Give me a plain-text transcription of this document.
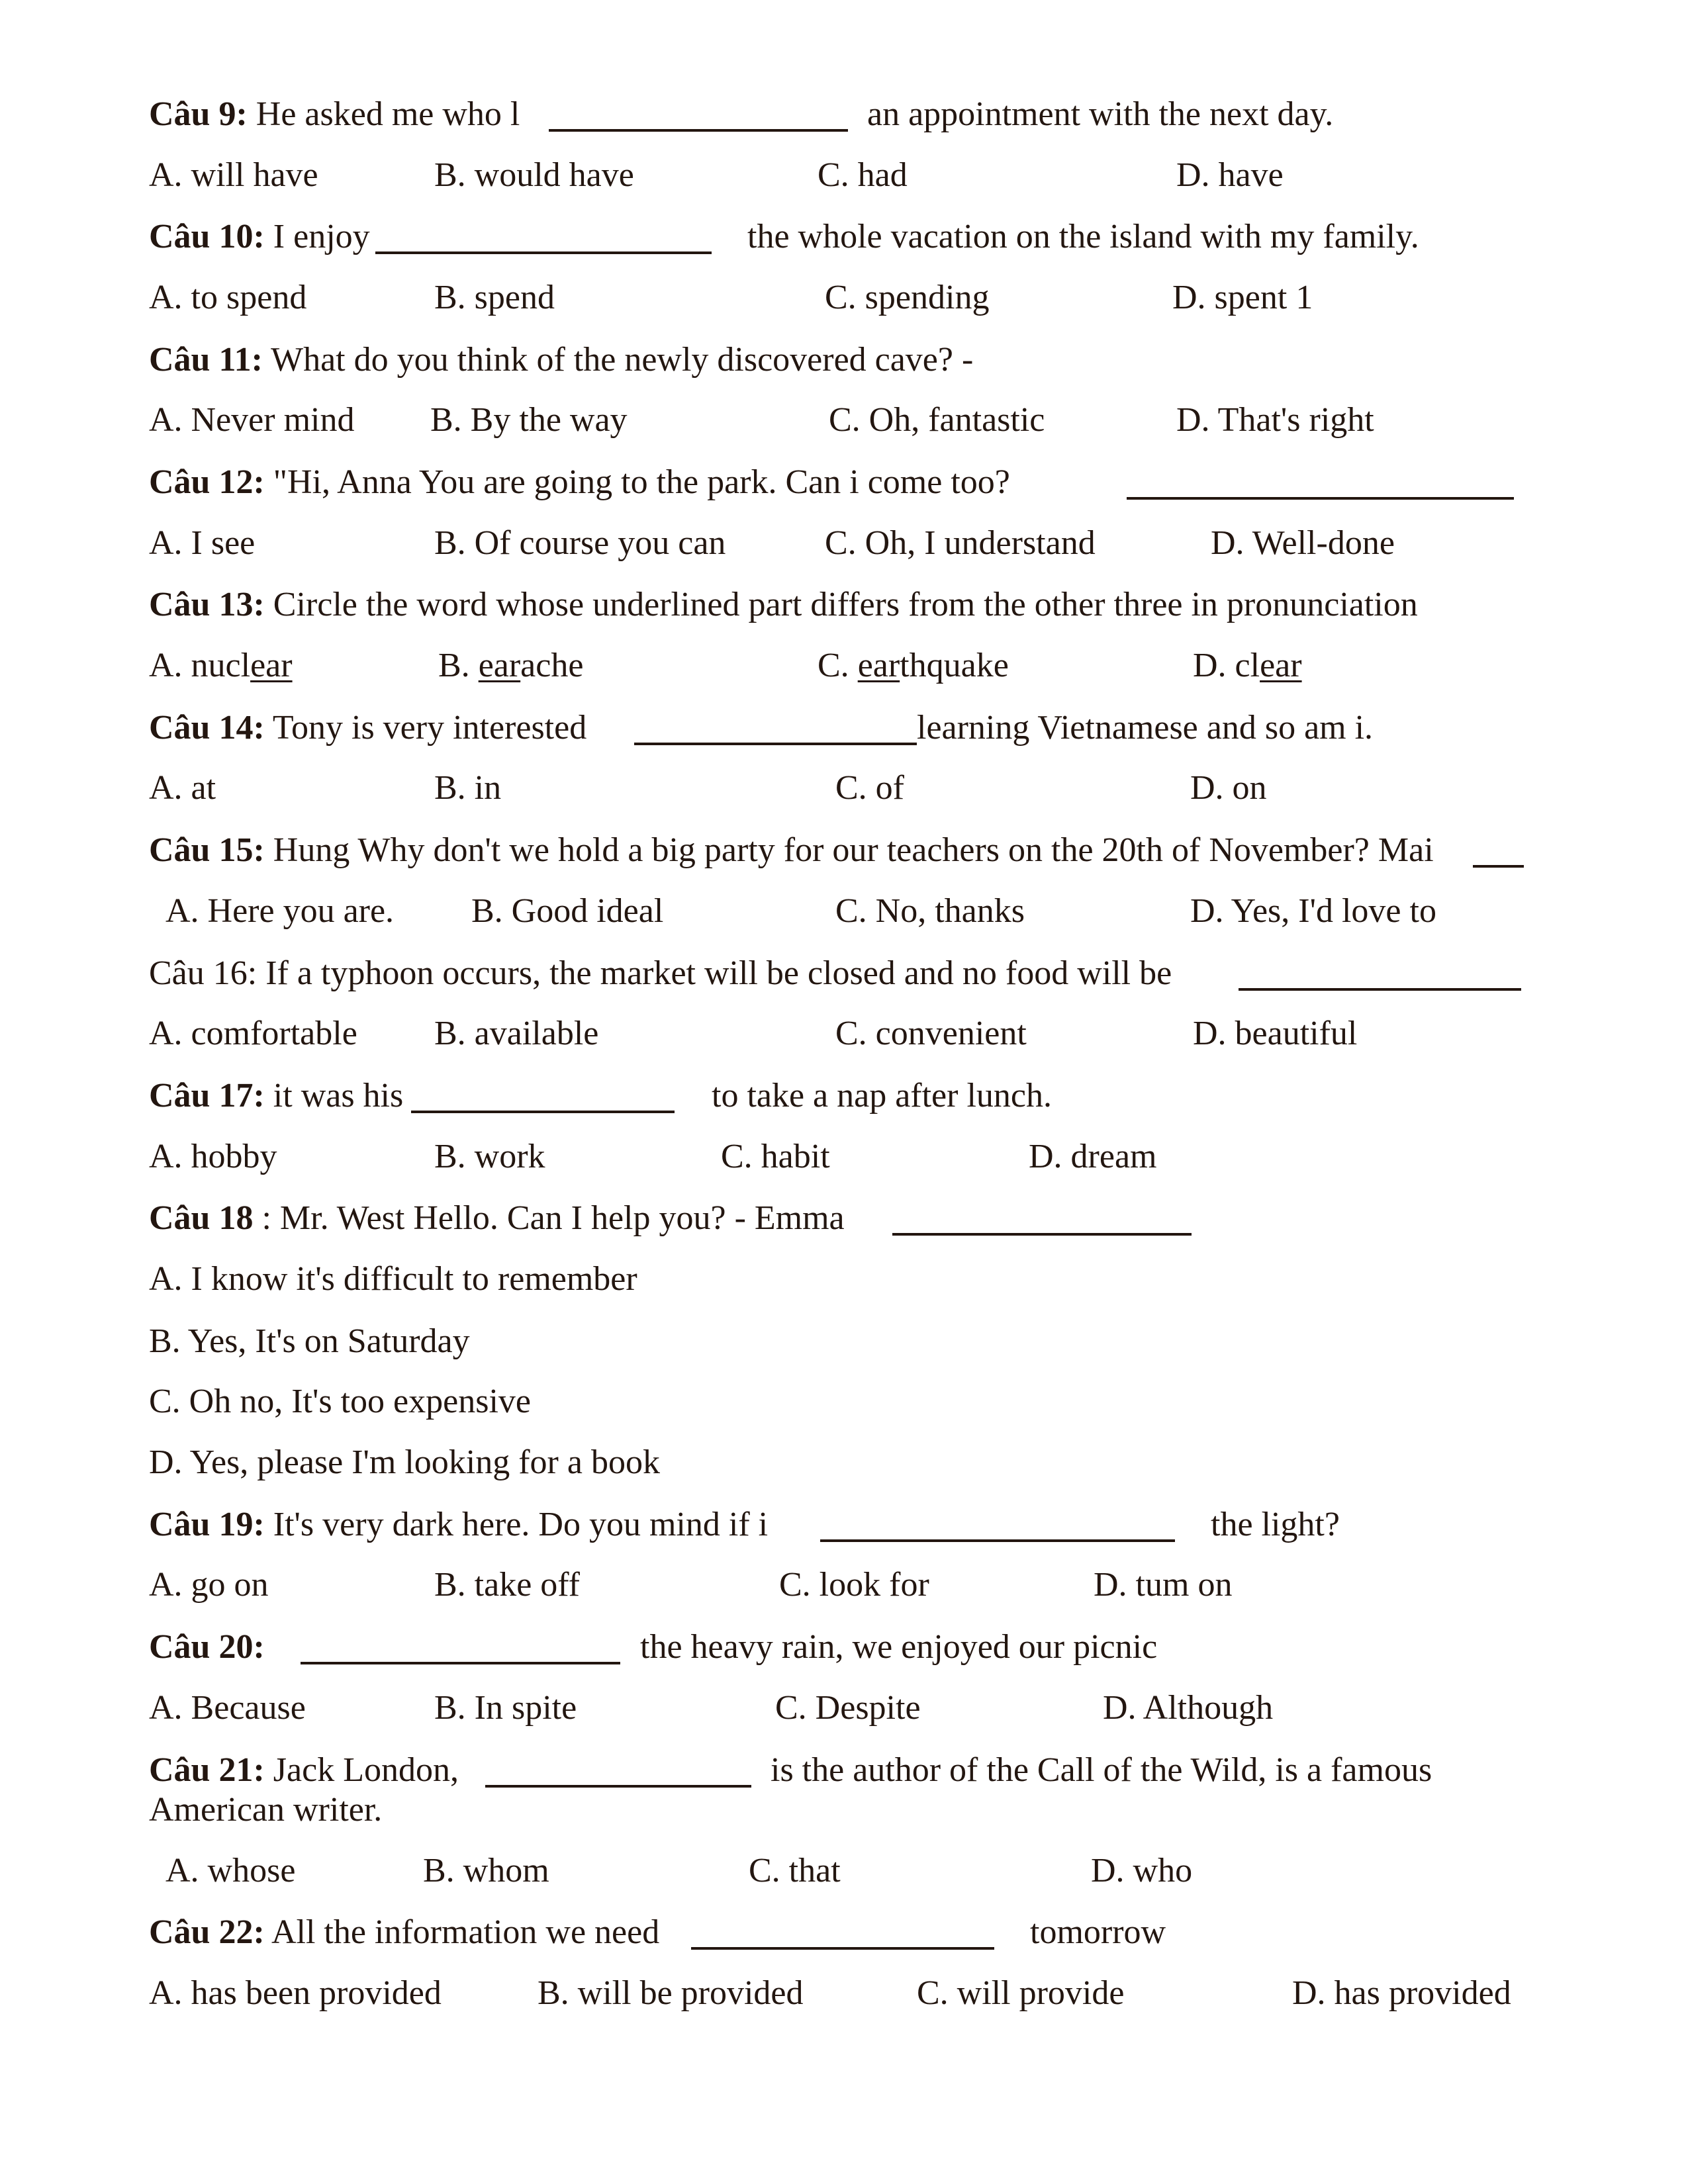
Câu 9: He asked me who l	an appointment with the next day.
A. will have	B. would have	C. had	D. have
Câu 10: I enjoy	the whole vacation on the island with my family.
A. to spend	B. spend	C. spending	D. spent 1
Câu 11: What do you think of the newly discovered cave? -
A. Never mind B. By the way	C. Oh, fantastic	D. That's right
Câu 12: "Hi, Anna You are going to the park. Can i come too?
A. I see	B. Of course you can	C. Oh, I understand	D. Well-done
Câu 13: Circle the word whose underlined part differs from the other three in pronunciation
A. nuclear	B. earache	C. earthquake	D. clear
Câu 14: Tony is very interested	learning Vietnamese and so am i.
A. at	B. in	C. of	D. on
Câu 15: Hung Why don't we hold a big party for our teachers on the 20th of November? Mai
A. Here you are. B. Good ideal	C. No, thanks	D. Yes, I'd love to
Câu 16: If a typhoon occurs, the market will be closed and no food will be
A. comfortable B. available	C. convenient	D. beautiful
Câu 17: it was his	to take a nap after lunch.
A. hobby	B. work	C. habit	D. dream
Câu 18 : Mr. West Hello. Can I help you? - Emma
A. I know it's difficult to remember
B. Yes, It's on Saturday
C. Oh no, It's too expensive
D. Yes, please I'm looking for a book
Câu 19: It's very dark here. Do you mind if i	the light?
A. go on	B. take off	C. look for	D. tum on
Câu 20:	the heavy rain, we enjoyed our picnic
A. Because	B. In spite	C. Despite	D. Although
Câu 21: Jack London,	is the author of the Call of the Wild, is a famous
American writer.
A. whose	B. whom	C. that	D. who
Câu 22: All the information we need	tomorrow
A. has been provided	B. will be provided	C. will provide	D. has provided
